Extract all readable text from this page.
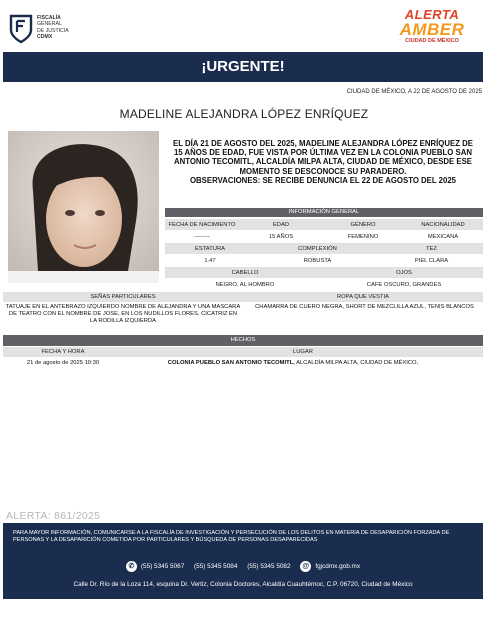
FISCALÍA
GENERAL
DE JUSTICIA
CDMX
ALERTA
AMBER
CIUDAD DE MÉXICO
¡URGENTE!
CIUDAD DE MÉXICO, A 22 DE AGOSTO DE 2025
MADELINE ALEJANDRA LÓPEZ ENRÍQUEZ
EL DÍA 21 DE AGOSTO DEL 2025, MADELINE ALEJANDRA LÓPEZ ENRÍQUEZ DE 15 AÑOS DE EDAD, FUE VISTA POR ÚLTIMA VEZ EN LA COLONIA PUEBLO SAN ANTONIO TECOMITL, ALCALDÍA MILPA ALTA, CIUDAD DE MÉXICO, DESDE ESE MOMENTO SE DESCONOCE SU PARADERO.
OBSERVACIONES: SE RECIBE DENUNCIA EL 22 DE AGOSTO DEL 2025
INFORMACIÓN GENERAL
FECHA DE NACIMIENTO	EDAD	GÉNERO	NACIONALIDAD
--------	15 AÑOS	FEMENINO	MEXICANA
ESTATURA	COMPLEXIÓN	TEZ
1.47	ROBUSTA	PIEL CLARA
CABELLO	OJOS
NEGRO, AL HOMBRO	CAFE OSCURO, GRANDES
SEÑAS PARTICULARES	ROPA QUE VESTIA
TATUAJE EN EL ANTEBRAZO IZQUIERDO NOMBRE DE ALEJANDRA Y UNA MASCARA DE TEATRO CON EL NOMBRE DE JOSE, EN LOS NUDILLOS FLORES, CICATRIZ EN LA RODILLA IZQUIERDA
CHAMARRA DE CUERO NEGRA, SHORT DE MEZCLILLA AZUL, TENIS BLANCOS
HECHOS
FECHA Y HORA	LUGAR
21 de agosto de 2025 10:30	COLONIA PUEBLO SAN ANTONIO TECOMITL, ALCALDÍA MILPA ALTA, CIUDAD DE MÉXICO,
ALERTA: 861/2025
PARA MAYOR INFORMACIÓN, COMUNICARSE A LA FISCALÍA DE INVESTIGACIÓN Y PERSECUCIÓN DE LOS DELITOS EN MATERIA DE DESAPARICIÓN FORZADA DE PERSONAS Y LA DESAPARICIÓN COMETIDA POR PARTICULARES Y BÚSQUEDA DE PERSONAS DESAPARECIDAS
✆	(55) 5345 5067
(55) 5345 5084
(55) 5345 5082
@ fgjcdmx.gob.mx
Calle Dr. Río de la Loza 114, esquina Dr. Vertiz, Colonia Doctores, Alcaldía Cuauhtémoc, C.P. 06720, Ciudad de México
